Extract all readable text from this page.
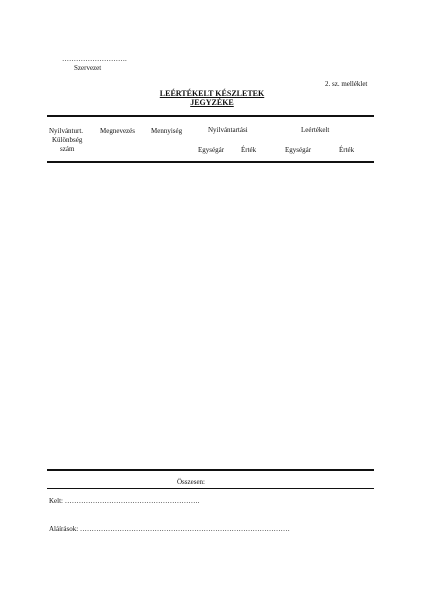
……………………….
Szervezet
2. sz. melléklet
LEÉRTÉKELT KÉSZLETEK
JEGYZÉKE
Nyilvánturt.
Különbség
szám
Megnevezés Mennyiség	Nyilvántartási
Egységár Érték
Leértékelt
Egységár	Érték
Összesen:
Kelt: ………………………………………………….
Aláírások: ………………………………………………………………………………
